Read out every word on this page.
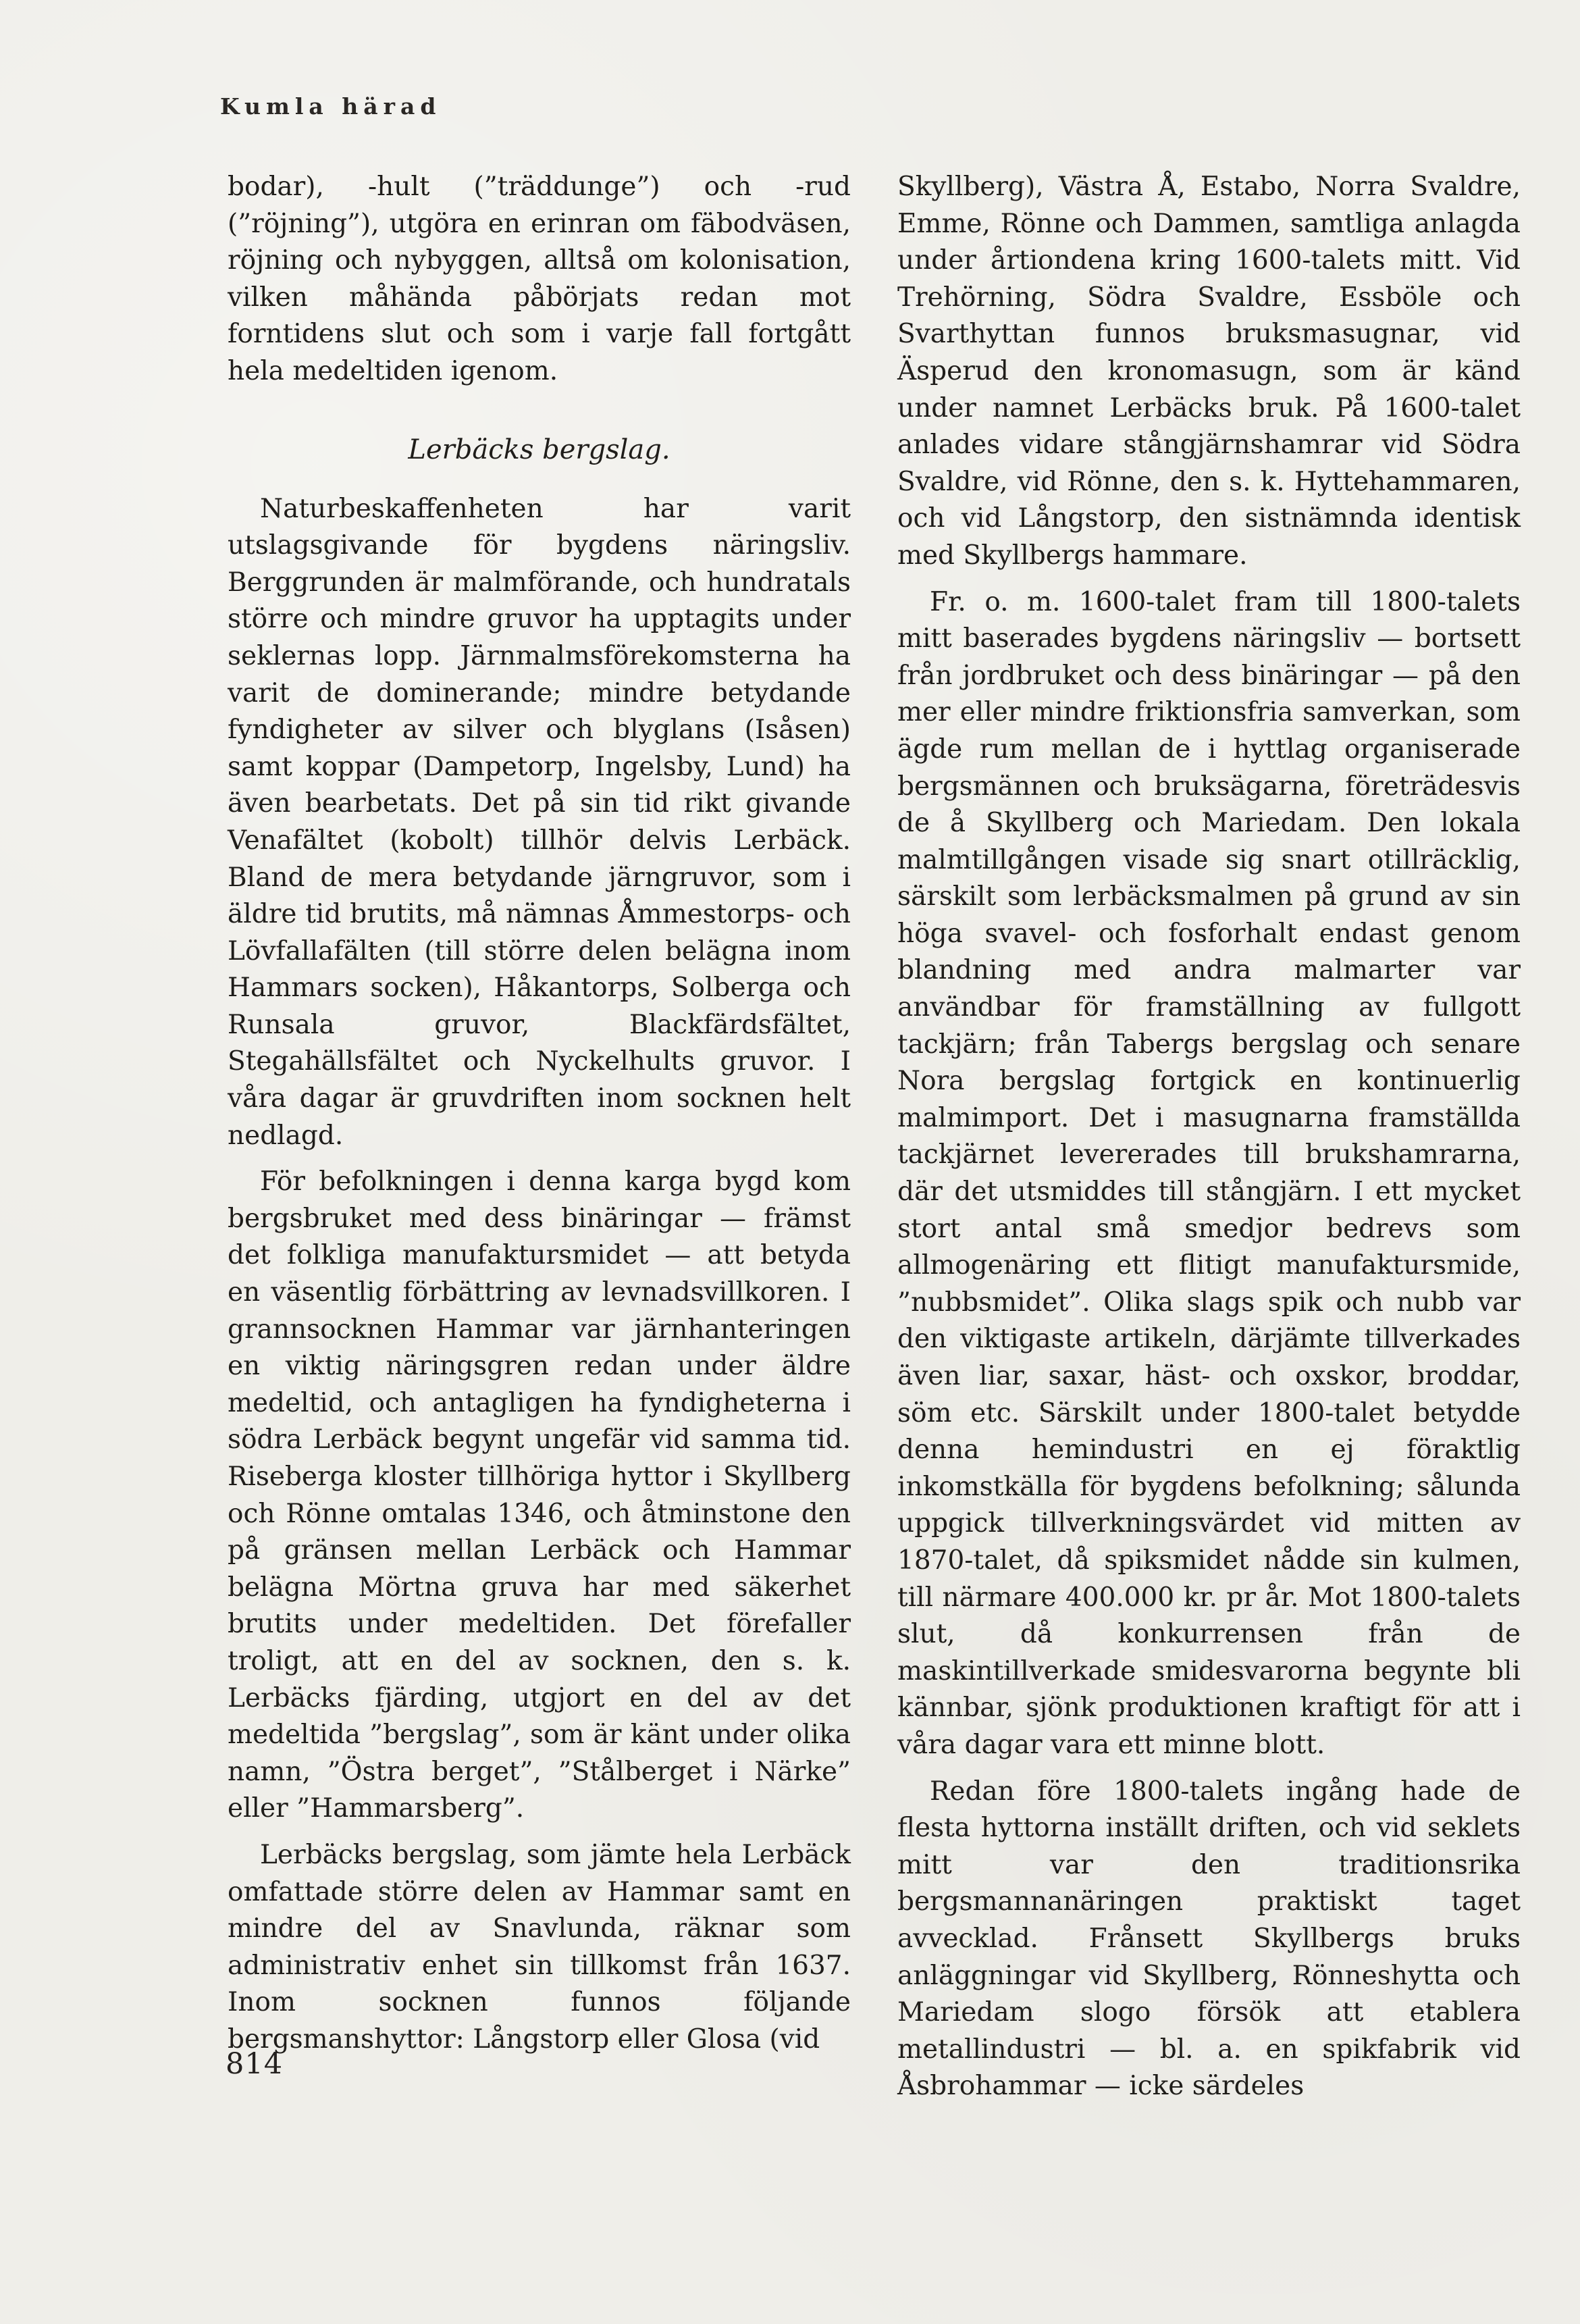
Kumla härad

bodar), -hult (”träddunge”) och -rud (”röjning”), utgöra en erinran om fäbodväsen, röjning och nybyggen, alltså om kolonisation, vilken måhända påbörjats redan mot forntidens slut och som i varje fall fortgått hela medeltiden igenom.

Lerbäcks bergslag.

Naturbeskaffenheten har varit utslagsgivande för bygdens näringsliv. Berggrunden är malmförande, och hundratals större och mindre gruvor ha upptagits under seklernas lopp. Järnmalmsförekomsterna ha varit de dominerande; mindre betydande fyndigheter av silver och blyglans (Isåsen) samt koppar (Dampetorp, Ingelsby, Lund) ha även bearbetats. Det på sin tid rikt givande Venafältet (kobolt) tillhör delvis Lerbäck. Bland de mera betydande järngruvor, som i äldre tid brutits, må nämnas Åmmestorps- och Lövfallafälten (till större delen belägna inom Hammars socken), Håkantorps, Solberga och Runsala gruvor, Blackfärdsfältet, Stegahällsfältet och Nyckelhults gruvor. I våra dagar är gruvdriften inom socknen helt nedlagd.

För befolkningen i denna karga bygd kom bergsbruket med dess binäringar — främst det folkliga manufaktursmidet — att betyda en väsentlig förbättring av levnadsvillkoren. I grannsocknen Hammar var järnhanteringen en viktig näringsgren redan under äldre medeltid, och antagligen ha fyndigheterna i södra Lerbäck begynt ungefär vid samma tid. Riseberga kloster tillhöriga hyttor i Skyllberg och Rönne omtalas 1346, och åtminstone den på gränsen mellan Lerbäck och Hammar belägna Mörtna gruva har med säkerhet brutits under medeltiden. Det förefaller troligt, att en del av socknen, den s. k. Lerbäcks fjärding, utgjort en del av det medeltida ”bergslag”, som är känt under olika namn, ”Östra berget”, ”Stålberget i Närke” eller ”Hammarsberg”.

Lerbäcks bergslag, som jämte hela Lerbäck omfattade större delen av Hammar samt en mindre del av Snavlunda, räknar som administrativ enhet sin tillkomst från 1637. Inom socknen funnos följande bergsmanshyttor: Långstorp eller Glosa (vid

Skyllberg), Västra Å, Estabo, Norra Svaldre, Emme, Rönne och Dammen, samtliga anlagda under årtiondena kring 1600-talets mitt. Vid Trehörning, Södra Svaldre, Essböle och Svarthyttan funnos bruksmasugnar, vid Äsperud den kronomasugn, som är känd under namnet Lerbäcks bruk. På 1600-talet anlades vidare stångjärnshamrar vid Södra Svaldre, vid Rönne, den s. k. Hyttehammaren, och vid Långstorp, den sistnämnda identisk med Skyllbergs hammare.

Fr. o. m. 1600-talet fram till 1800-talets mitt baserades bygdens näringsliv — bortsett från jordbruket och dess binäringar — på den mer eller mindre friktionsfria samverkan, som ägde rum mellan de i hyttlag organiserade bergsmännen och bruksägarna, företrädesvis de å Skyllberg och Mariedam. Den lokala malmtillgången visade sig snart otillräcklig, särskilt som lerbäcksmalmen på grund av sin höga svavel- och fosforhalt endast genom blandning med andra malmarter var användbar för framställning av fullgott tackjärn; från Tabergs bergslag och senare Nora bergslag fortgick en kontinuerlig malmimport. Det i masugnarna framställda tackjärnet levererades till brukshamrarna, där det utsmiddes till stångjärn. I ett mycket stort antal små smedjor bedrevs som allmogenäring ett flitigt manufaktursmide, ”nubbsmidet”. Olika slags spik och nubb var den viktigaste artikeln, därjämte tillverkades även liar, saxar, häst- och oxskor, broddar, söm etc. Särskilt under 1800-talet betydde denna hemindustri en ej föraktlig inkomstkälla för bygdens befolkning; sålunda uppgick tillverkningsvärdet vid mitten av 1870-talet, då spiksmidet nådde sin kulmen, till närmare 400.000 kr. pr år. Mot 1800-talets slut, då konkurrensen från de maskintillverkade smidesvarorna begynte bli kännbar, sjönk produktionen kraftigt för att i våra dagar vara ett minne blott.

Redan före 1800-talets ingång hade de flesta hyttorna inställt driften, och vid seklets mitt var den traditionsrika bergsmannanäringen praktiskt taget avvecklad. Frånsett Skyllbergs bruks anläggningar vid Skyllberg, Rönneshytta och Mariedam slogo försök att etablera metallindustri — bl. a. en spikfabrik vid Åsbrohammar — icke särdeles

814
